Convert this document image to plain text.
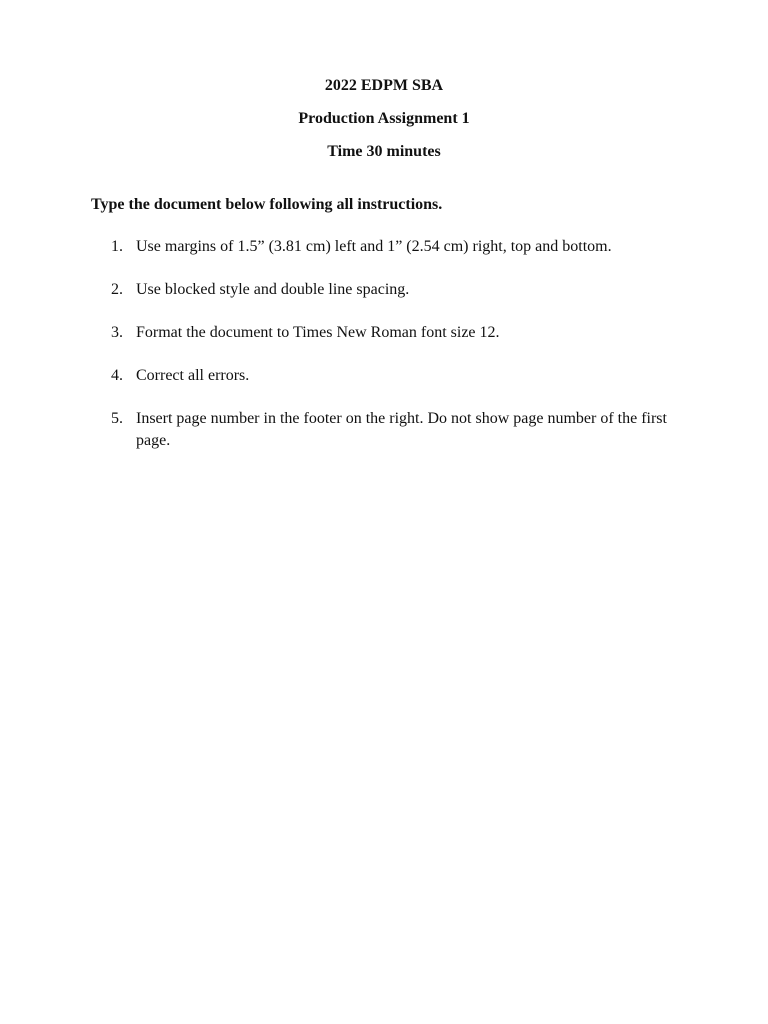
2022 EDPM SBA
Production Assignment 1
Time 30 minutes
Type the document below following all instructions.
1. Use margins of 1.5” (3.81 cm) left and 1” (2.54 cm) right, top and bottom.
2. Use blocked style and double line spacing.
3. Format the document to Times New Roman font size 12.
4. Correct all errors.
5. Insert page number in the footer on the right. Do not show page number of the first page.
